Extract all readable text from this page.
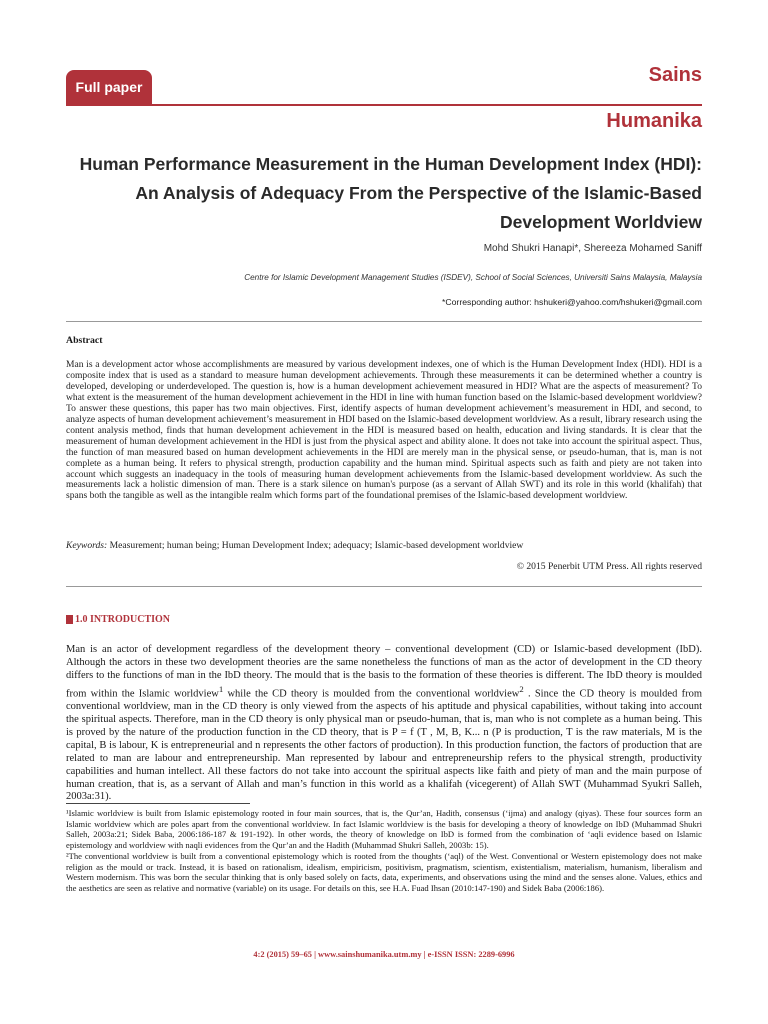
Full paper
Sains
Humanika
Human Performance Measurement in the Human Development Index (HDI): An Analysis of Adequacy From the Perspective of the Islamic-Based Development Worldview
Mohd Shukri Hanapi*, Shereeza Mohamed Saniff
Centre for Islamic Development Management Studies (ISDEV), School of Social Sciences, Universiti Sains Malaysia, Malaysia
*Corresponding author: hshukeri@yahoo.com/hshukeri@gmail.com
Abstract

Man is a development actor whose accomplishments are measured by various development indexes, one of which is the Human Development Index (HDI). HDI is a composite index that is used as a standard to measure human development achievements. Through these measurements it can be determined whether a country is developed, developing or underdeveloped. The question is, how is a human development achievement measured in HDI? What are the aspects of measurement? To what extent is the measurement of the human development achievement in the HDI in line with human function based on the Islamic-based development worldview? To answer these questions, this paper has two main objectives. First, identify aspects of human development achievement’s measurement in HDI, and second, to analyze aspects of human development achievement’s measurement in HDI based on the Islamic-based development worldview. As a result, library research using the content analysis method, finds that human development achievement in the HDI is measured based on health, education and living standards. It is clear that the measurement of human development achievement in the HDI is just from the physical aspect and ability alone. It does not take into account the spiritual aspect. Thus, the function of man measured based on human development achievements in the HDI are merely man in the physical sense, or pseudo-human, that is, man is not complete as a human being. It refers to physical strength, production capability and the human mind. Spiritual aspects such as faith and piety are not taken into account which suggests an inadequacy in the tools of measuring human development achievements from the Islamic-based development worldview. As such the measurements lack a holistic dimension of man. There is a stark silence on human's purpose (as a servant of Allah SWT) and its role in this world (khalifah) that spans both the tangible as well as the intangible realm which forms part of the foundational premises of the Islamic-based development worldview.

Keywords: Measurement; human being; Human Development Index; adequacy; Islamic-based development worldview
© 2015 Penerbit UTM Press. All rights reserved
1.0 INTRODUCTION

Man is an actor of development regardless of the development theory – conventional development (CD) or Islamic-based development (IbD). Although the actors in these two development theories are the same nonetheless the functions of man as the actor of development in the CD theory differs to the functions of man in the IbD theory. The mould that is the basis to the formation of these theories is different. The IbD theory is moulded from within the Islamic worldview$^1$ while the CD theory is moulded from the conventional worldview$^2$ . Since the CD theory is moulded from conventional worldview, man in the CD theory is only viewed from the aspects of his aptitude and physical capabilities, without taking into account the spiritual aspects. Therefore, man in the CD theory is only physical man or pseudo-human, that is, man who is not complete as a human being. This is proved by the nature of the production function in the CD theory, that is P = f (T , M, B, K... n (P is production, T is the raw materials, M is the capital, B is labour, K is entrepreneurial and n represents the other factors of production). In this production function, the factors of production that are related to man are labour and entrepreneurship. Man represented by labour and entrepreneurship refers to the physical strength, productivity capabilities and human intellect. All these factors do not take into account the spiritual aspects like faith and piety of man and the main purpose of human creation, that is, as a servant of Allah and man’s function in this world as a khalifah (vicegerent) of Allah SWT (Muhammad Syukri Salleh, 2003a:31).

¹Islamic worldview is built from Islamic epistemology rooted in four main sources, that is, the Qur’an, Hadith, consensus (‘ijma) and analogy (qiyas). These four sources form an Islamic worldview which are poles apart from the conventional worldview. In fact Islamic worldview is the basis for developing a theory of knowledge on IbD (Muhammad Shukri Salleh, 2003a:21; Sidek Baba, 2006:186-187 & 191-192). In other words, the theory of knowledge on IbD is formed from the combination of ‘aqli evidence based on Islamic epistemology and worldview with naqli evidences from the Qur’an and the Hadith (Muhammad Shukri Salleh, 2003b: 15).

²The conventional worldview is built from a conventional epistemology which is rooted from the thoughts (‘aql) of the West. Conventional or Western epistemology does not make religion as the mould or track. Instead, it is based on rationalism, idealism, empiricism, positivism, pragmatism, scientism, existentialism, materialism, humanism, liberalism and Western modernism. This was born the secular thinking that is only based solely on facts, data, experiments, and observations using the mind and the senses alone. Values, ethics and the aesthetics are seen as relative and normative (variable) on its usage. For details on this, see H.A. Fuad Ihsan (2010:147-190) and Sidek Baba (2006:186).

4:2 (2015) 59–65 | www.sainshumanika.utm.my | e-ISSN ISSN: 2289-6996
